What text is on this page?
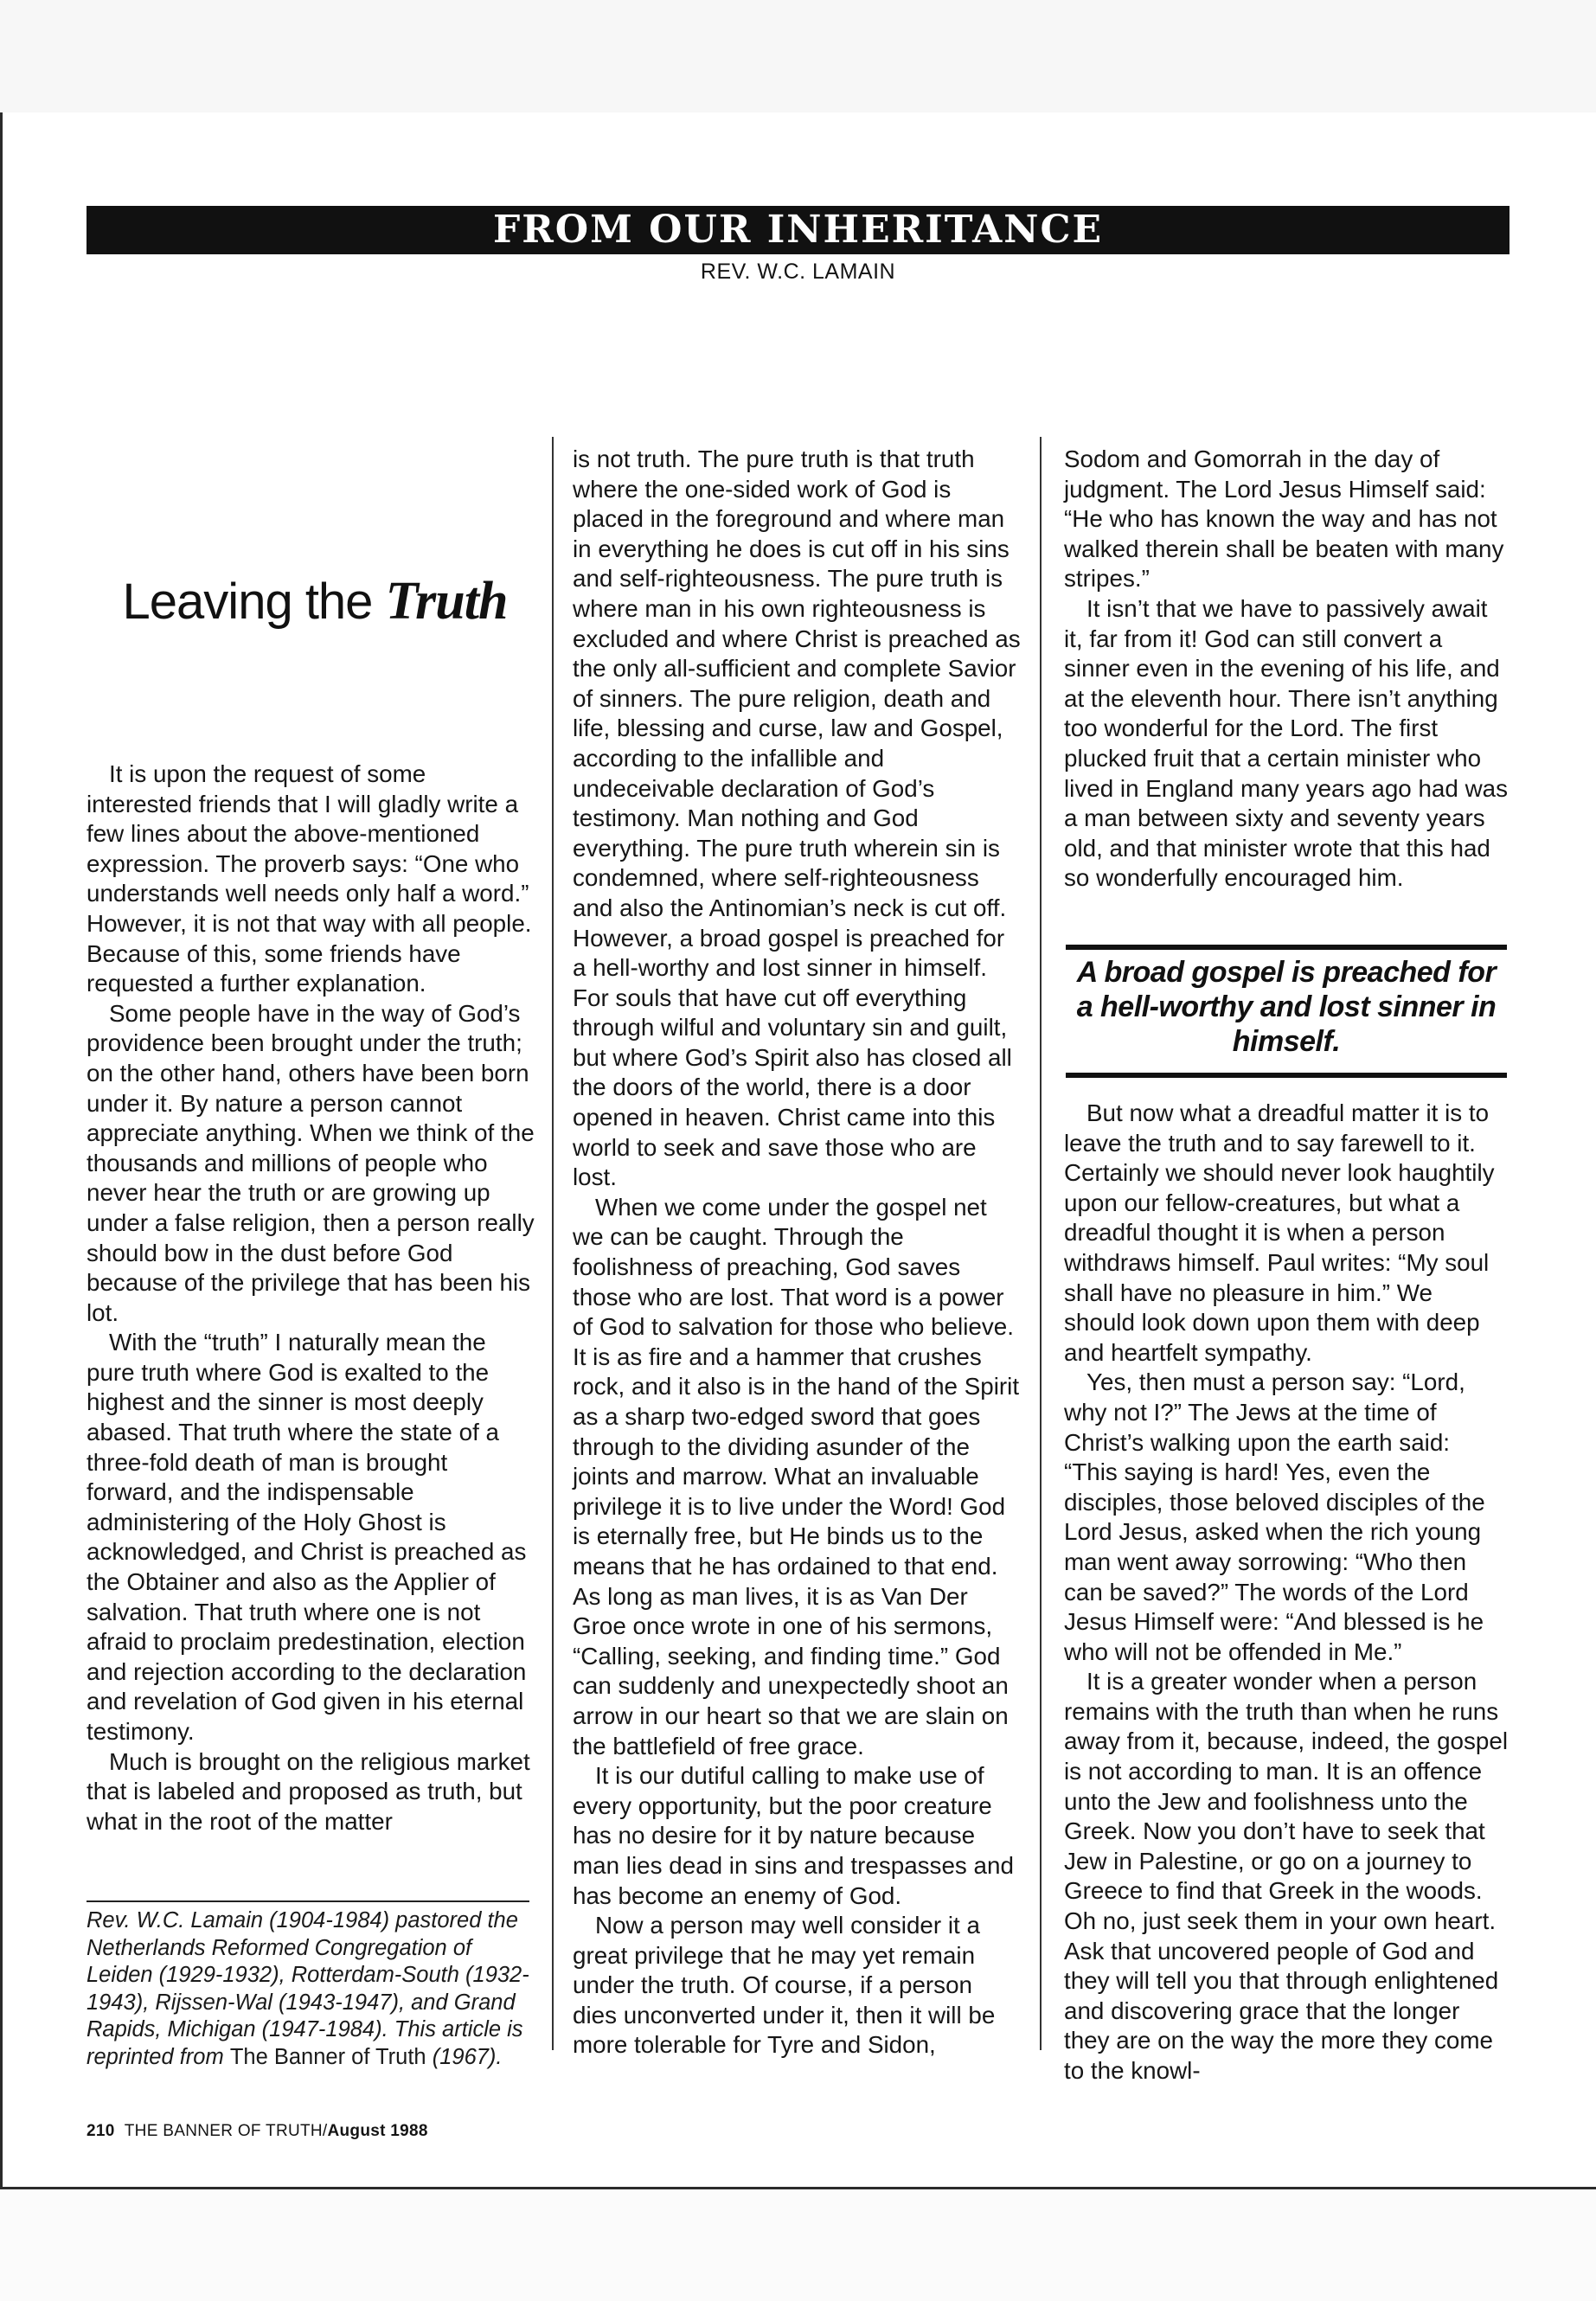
FROM OUR INHERITANCE
REV. W.C. LAMAIN
Leaving the Truth

It is upon the request of some interested friends that I will gladly write a few lines about the above-mentioned expression. The proverb says: “One who understands well needs only half a word.” However, it is not that way with all people. Because of this, some friends have requested a further explanation.

Some people have in the way of God’s providence been brought under the truth; on the other hand, others have been born under it. By nature a person cannot appreciate anything. When we think of the thousands and millions of people who never hear the truth or are growing up under a false religion, then a person really should bow in the dust before God because of the privilege that has been his lot.

With the “truth” I naturally mean the pure truth where God is exalted to the highest and the sinner is most deeply abased. That truth where the state of a three-fold death of man is brought forward, and the indispensable administering of the Holy Ghost is acknowledged, and Christ is preached as the Obtainer and also as the Applier of salvation. That truth where one is not afraid to proclaim predestination, election and rejection according to the declaration and revelation of God given in his eternal testimony.

Much is brought on the religious market that is labeled and proposed as truth, but what in the root of the matter

Rev. W.C. Lamain (1904-1984) pastored the Netherlands Reformed Congregation of Leiden (1929-1932), Rotterdam-South (1932-1943), Rijssen-Wal (1943-1947), and Grand Rapids, Michigan (1947-1984). This article is reprinted from The Banner of Truth (1967).

is not truth. The pure truth is that truth where the one-sided work of God is placed in the foreground and where man in everything he does is cut off in his sins and self-righteousness. The pure truth is where man in his own righteousness is excluded and where Christ is preached as the only all-sufficient and complete Savior of sinners. The pure religion, death and life, blessing and curse, law and Gospel, according to the infallible and undeceivable declaration of God’s testimony. Man nothing and God everything. The pure truth wherein sin is condemned, where self-righteousness and also the Antinomian’s neck is cut off. However, a broad gospel is preached for a hell-worthy and lost sinner in himself. For souls that have cut off everything through wilful and voluntary sin and guilt, but where God’s Spirit also has closed all the doors of the world, there is a door opened in heaven. Christ came into this world to seek and save those who are lost.

When we come under the gospel net we can be caught. Through the foolishness of preaching, God saves those who are lost. That word is a power of God to salvation for those who believe. It is as fire and a hammer that crushes rock, and it also is in the hand of the Spirit as a sharp two-edged sword that goes through to the dividing asunder of the joints and marrow. What an invaluable privilege it is to live under the Word! God is eternally free, but He binds us to the means that he has ordained to that end. As long as man lives, it is as Van Der Groe once wrote in one of his sermons, “Calling, seeking, and finding time.” God can suddenly and unexpectedly shoot an arrow in our heart so that we are slain on the battlefield of free grace.

It is our dutiful calling to make use of every opportunity, but the poor creature has no desire for it by nature because man lies dead in sins and trespasses and has become an enemy of God.

Now a person may well consider it a great privilege that he may yet remain under the truth. Of course, if a person dies unconverted under it, then it will be more tolerable for Tyre and Sidon,

Sodom and Gomorrah in the day of judgment. The Lord Jesus Himself said: “He who has known the way and has not walked therein shall be beaten with many stripes.”

It isn’t that we have to passively await it, far from it! God can still convert a sinner even in the evening of his life, and at the eleventh hour. There isn’t anything too wonderful for the Lord. The first plucked fruit that a certain minister who lived in England many years ago had was a man between sixty and seventy years old, and that minister wrote that this had so wonderfully encouraged him.

A broad gospel is preached for a hell-worthy and lost sinner in himself.

But now what a dreadful matter it is to leave the truth and to say farewell to it. Certainly we should never look haughtily upon our fellow-creatures, but what a dreadful thought it is when a person withdraws himself. Paul writes: “My soul shall have no pleasure in him.” We should look down upon them with deep and heartfelt sympathy.

Yes, then must a person say: “Lord, why not I?” The Jews at the time of Christ’s walking upon the earth said: “This saying is hard! Yes, even the disciples, those beloved disciples of the Lord Jesus, asked when the rich young man went away sorrowing: “Who then can be saved?” The words of the Lord Jesus Himself were: “And blessed is he who will not be offended in Me.”

It is a greater wonder when a person remains with the truth than when he runs away from it, because, indeed, the gospel is not according to man. It is an offence unto the Jew and foolishness unto the Greek. Now you don’t have to seek that Jew in Palestine, or go on a journey to Greece to find that Greek in the woods. Oh no, just seek them in your own heart. Ask that uncovered people of God and they will tell you that through enlightened and discovering grace that the longer they are on the way the more they come to the knowl-

210 THE BANNER OF TRUTH/August 1988
